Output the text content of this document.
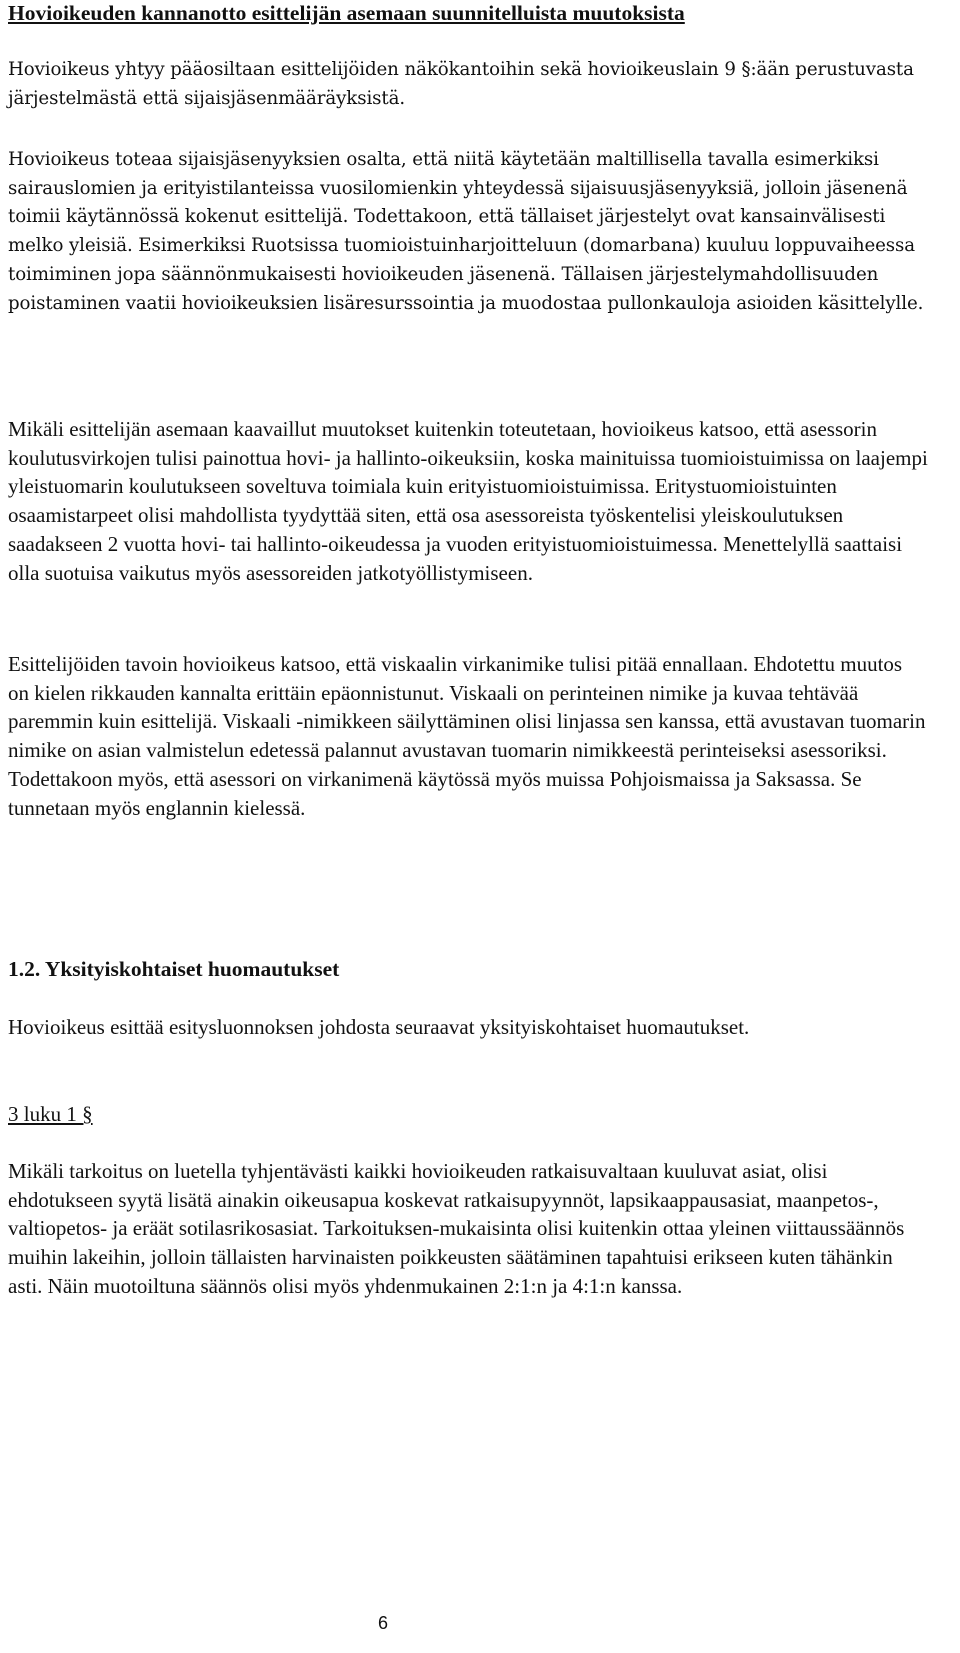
Hovioikeuden kannanotto esittelijän asemaan suunnitelluista muutoksista

Hovioikeus yhtyy pääosiltaan esittelijöiden näkökantoihin sekä hovioikeuslain 9 §:ään perustuvasta järjestelmästä että sijaisjäsenmääräyksistä.

Hovioikeus toteaa sijaisjäsenyyksien osalta, että niitä käytetään maltillisella tavalla esimerkiksi sairauslomien ja erityistilanteissa vuosilomienkin yhteydessä sijaisuusjäsenyyksiä, jolloin jäsenenä toimii käytännössä kokenut esittelijä. Todettakoon, että tällaiset järjestelyt ovat kansainvälisesti melko yleisiä. Esimerkiksi Ruotsissa tuomioistuinharjoitteluun (domarbana) kuuluu loppuvaiheessa toimiminen jopa säännönmukaisesti hovioikeuden jäsenenä. Tällaisen järjestelymahdollisuuden poistaminen vaatii hovioikeuksien lisäresurssointia ja muodostaa pullonkauloja asioiden käsittelylle.

Mikäli esittelijän asemaan kaavaillut muutokset kuitenkin toteutetaan, hovioikeus katsoo, että asessorin koulutusvirkojen tulisi painottua hovi- ja hallinto-oikeuksiin, koska mainituissa tuomioistuimissa on laajempi yleistuomarin koulutukseen soveltuva toimiala kuin erityistuomioistuimissa. Eritystuomioistuinten osaamistarpeet olisi mahdollista tyydyttää siten, että osa asessoreista työskentelisi yleiskoulutuksen saadakseen 2 vuotta hovi- tai hallinto-oikeudessa ja vuoden erityistuomioistuimessa. Menettelyllä saattaisi olla suotuisa vaikutus myös asessoreiden jatkotyöllistymiseen.

Esittelijöiden tavoin hovioikeus katsoo, että viskaalin virkanimike tulisi pitää ennallaan. Ehdotettu muutos on kielen rikkauden kannalta erittäin epäonnistunut. Viskaali on perinteinen nimike ja kuvaa tehtävää paremmin kuin esittelijä. Viskaali -nimikkeen säilyttäminen olisi linjassa sen kanssa, että avustavan tuomarin nimike on asian valmistelun edetessä palannut avustavan tuomarin nimikkeestä perinteiseksi asessoriksi. Todettakoon myös, että asessori on virkanimenä käytössä myös muissa Pohjoismaissa ja Saksassa. Se tunnetaan myös englannin kielessä.

1.2. Yksityiskohtaiset huomautukset

Hovioikeus esittää esitysluonnoksen johdosta seuraavat yksityiskohtaiset huomautukset.

3 luku 1 §

Mikäli tarkoitus on luetella tyhjentävästi kaikki hovioikeuden ratkaisuvaltaan kuuluvat asiat, olisi ehdotukseen syytä lisätä ainakin oikeusapua koskevat ratkaisupyynnöt, lapsikaappausasiat, maanpetos-, valtiopetos- ja eräät sotilasrikosasiat. Tarkoituksen-mukaisinta olisi kuitenkin ottaa yleinen viittaussäännös muihin lakeihin, jolloin tällaisten harvinaisten poikkeusten säätäminen tapahtuisi erikseen kuten tähänkin asti. Näin muotoiltuna säännös olisi myös yhdenmukainen 2:1:n ja 4:1:n kanssa.

6
